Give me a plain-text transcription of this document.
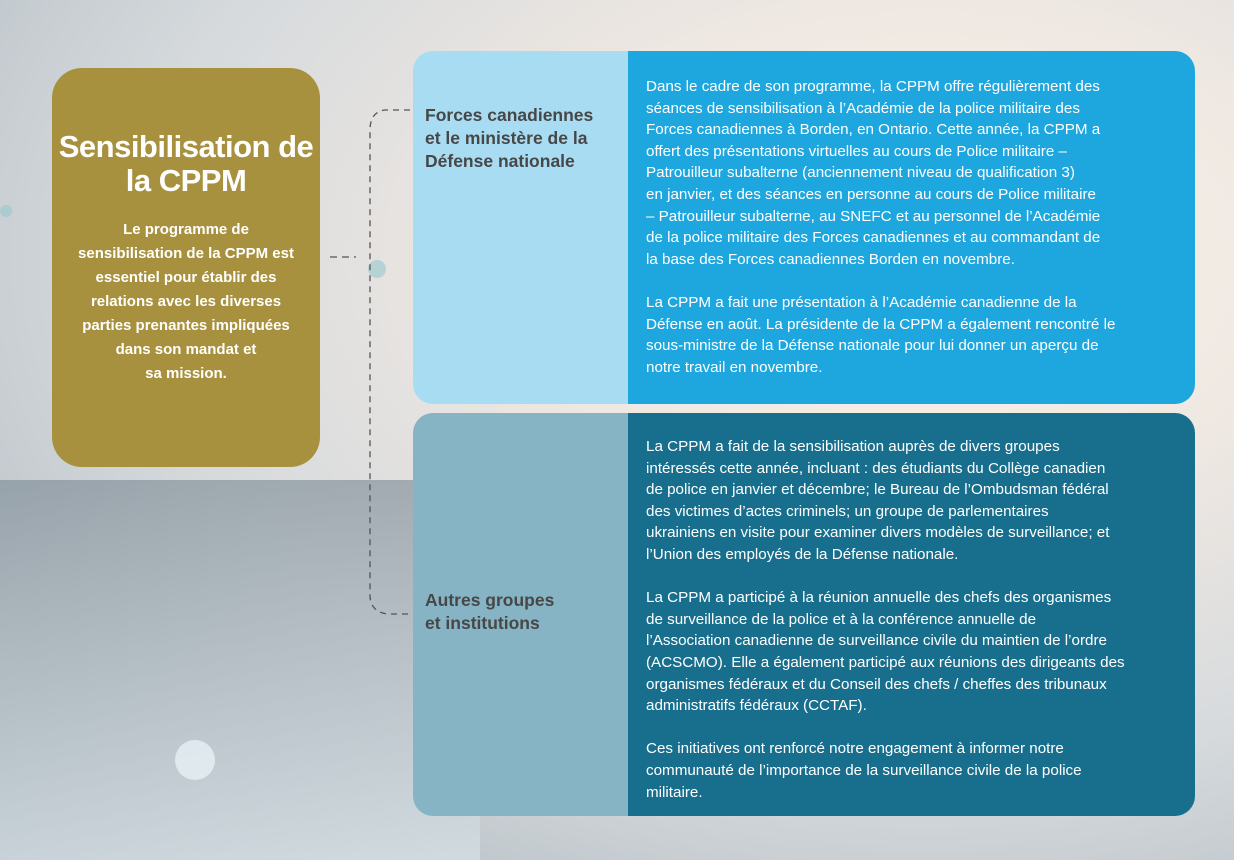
Sensibilisation de
la CPPM

Le programme de
sensibilisation de la CPPM est
essentiel pour établir des
relations avec les diverses
parties prenantes impliquées
dans son mandat et
sa mission.

Forces canadiennes
et le ministère de la
Défense nationale
Dans le cadre de son programme, la CPPM offre régulièrement des
séances de sensibilisation à l’Académie de la police militaire des
Forces canadiennes à Borden, en Ontario. Cette année, la CPPM a
offert des présentations virtuelles au cours de Police militaire –
Patrouilleur subalterne (anciennement niveau de qualification 3)
en janvier, et des séances en personne au cours de Police militaire
– Patrouilleur subalterne, au SNEFC et au personnel de l’Académie
de la police militaire des Forces canadiennes et au commandant de
la base des Forces canadiennes Borden en novembre.
La CPPM a fait une présentation à l’Académie canadienne de la
Défense en août. La présidente de la CPPM a également rencontré le
sous-ministre de la Défense nationale pour lui donner un aperçu de
notre travail en novembre.
Autres groupes
et institutions
La CPPM a fait de la sensibilisation auprès de divers groupes
intéressés cette année, incluant : des étudiants du Collège canadien
de police en janvier et décembre; le Bureau de l’Ombudsman fédéral
des victimes d’actes criminels; un groupe de parlementaires
ukrainiens en visite pour examiner divers modèles de surveillance; et
l’Union des employés de la Défense nationale.
La CPPM a participé à la réunion annuelle des chefs des organismes
de surveillance de la police et à la conférence annuelle de
l’Association canadienne de surveillance civile du maintien de l’ordre
(ACSCMO). Elle a également participé aux réunions des dirigeants des
organismes fédéraux et du Conseil des chefs / cheffes des tribunaux
administratifs fédéraux (CCTAF).
Ces initiatives ont renforcé notre engagement à informer notre
communauté de l’importance de la surveillance civile de la police
militaire.
